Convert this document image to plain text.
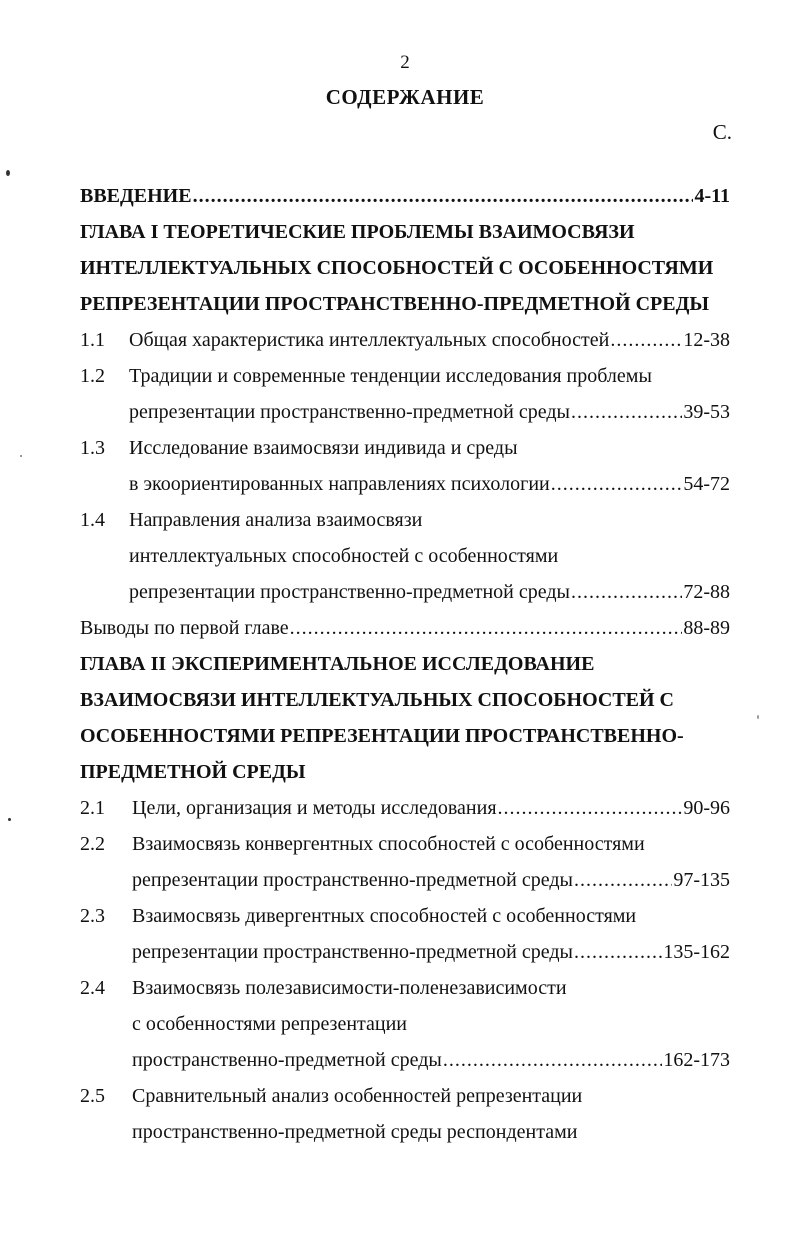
2
СОДЕРЖАНИЕ
С.
ВВЕДЕНИЕ .....	4-11
ГЛАВА I ТЕОРЕТИЧЕСКИЕ ПРОБЛЕМЫ ВЗАИМОСВЯЗИ
ИНТЕЛЛЕКТУАЛЬНЫХ СПОСОБНОСТЕЙ С ОСОБЕННОСТЯМИ
РЕПРЕЗЕНТАЦИИ ПРОСТРАНСТВЕННО-ПРЕДМЕТНОЙ СРЕДЫ
1.1 Общая характеристика интеллектуальных способностей .....	12-38
1.2 Традиции и современные тенденции исследования проблемы
репрезентации пространственно-предметной среды .....	39-53
1.3 Исследование взаимосвязи индивида и среды
в экоориентированных направлениях психологии .....	54-72
1.4 Направления анализа взаимосвязи
интеллектуальных способностей с особенностями
репрезентации пространственно-предметной среды .....	72-88
Выводы по первой главе .....	88-89
ГЛАВА II ЭКСПЕРИМЕНТАЛЬНОЕ ИССЛЕДОВАНИЕ
ВЗАИМОСВЯЗИ ИНТЕЛЛЕКТУАЛЬНЫХ СПОСОБНОСТЕЙ С
ОСОБЕННОСТЯМИ РЕПРЕЗЕНТАЦИИ ПРОСТРАНСТВЕННО-
ПРЕДМЕТНОЙ СРЕДЫ
2.1 Цели, организация и методы исследования .....	90-96
2.2 Взаимосвязь конвергентных способностей с особенностями
репрезентации пространственно-предметной среды .....	97-135
2.3 Взаимосвязь дивергентных способностей с особенностями
репрезентации пространственно-предметной среды .....	135-162
2.4 Взаимосвязь полезависимости-поленезависимости
с особенностями репрезентации
пространственно-предметной среды .....	162-173
2.5 Сравнительный анализ особенностей репрезентации
пространственно-предметной среды респондентами
